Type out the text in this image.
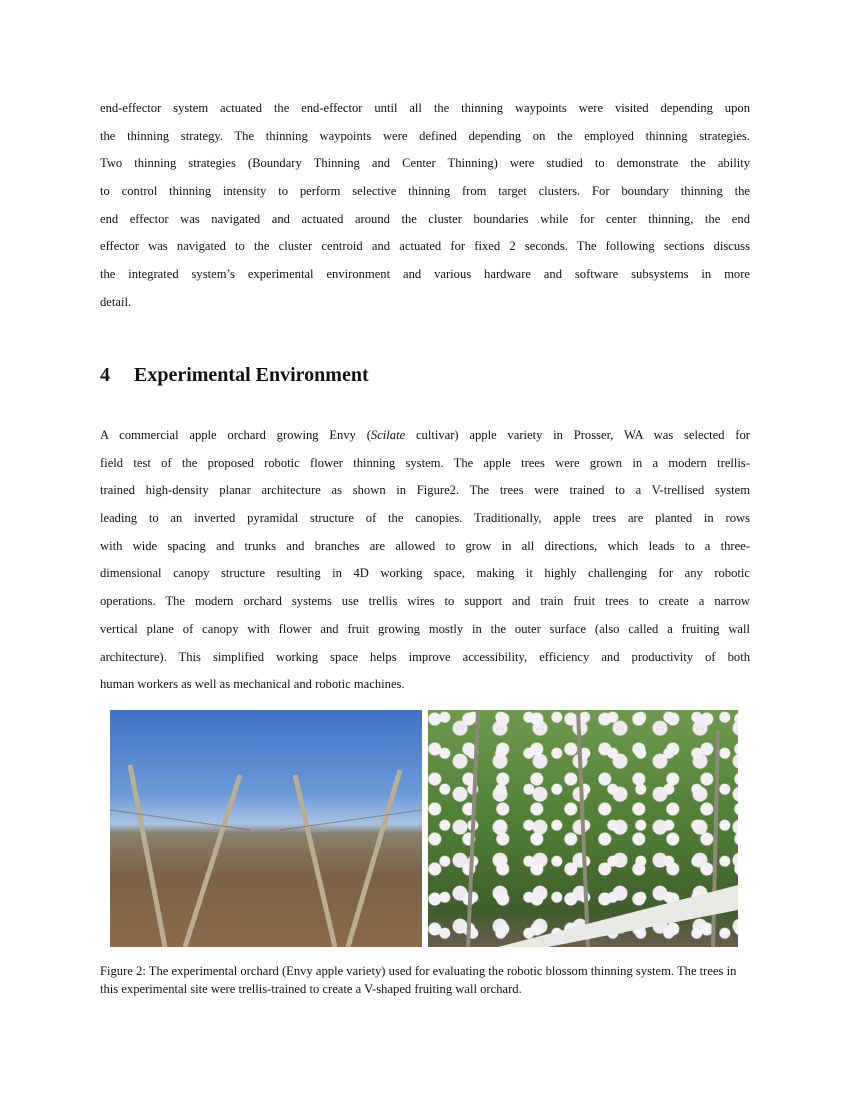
end-effector system actuated the end-effector until all the thinning waypoints were visited depending upon
the thinning strategy. The thinning waypoints were defined depending on the employed thinning strategies.
Two thinning strategies (Boundary Thinning and Center Thinning) were studied to demonstrate the ability
to control thinning intensity to perform selective thinning from target clusters. For boundary thinning the
end effector was navigated and actuated around the cluster boundaries while for center thinning, the end
effector was navigated to the cluster centroid and actuated for fixed 2 seconds. The following sections discuss
the integrated system’s experimental environment and various hardware and software subsystems in more
detail.
4 Experimental Environment
A commercial apple orchard growing Envy (Scilate cultivar) apple variety in Prosser, WA was selected for
field test of the proposed robotic flower thinning system. The apple trees were grown in a modern trellis-
trained high-density planar architecture as shown in Figure2. The trees were trained to a V-trellised system
leading to an inverted pyramidal structure of the canopies. Traditionally, apple trees are planted in rows
with wide spacing and trunks and branches are allowed to grow in all directions, which leads to a three-
dimensional canopy structure resulting in 4D working space, making it highly challenging for any robotic
operations. The modern orchard systems use trellis wires to support and train fruit trees to create a narrow
vertical plane of canopy with flower and fruit growing mostly in the outer surface (also called a fruiting wall
architecture). This simplified working space helps improve accessibility, efficiency and productivity of both
human workers as well as mechanical and robotic machines.
Figure 2: The experimental orchard (Envy apple variety) used for evaluating the robotic blossom thinning system. The trees in this experimental site were trellis-trained to create a V-shaped fruiting wall orchard.
